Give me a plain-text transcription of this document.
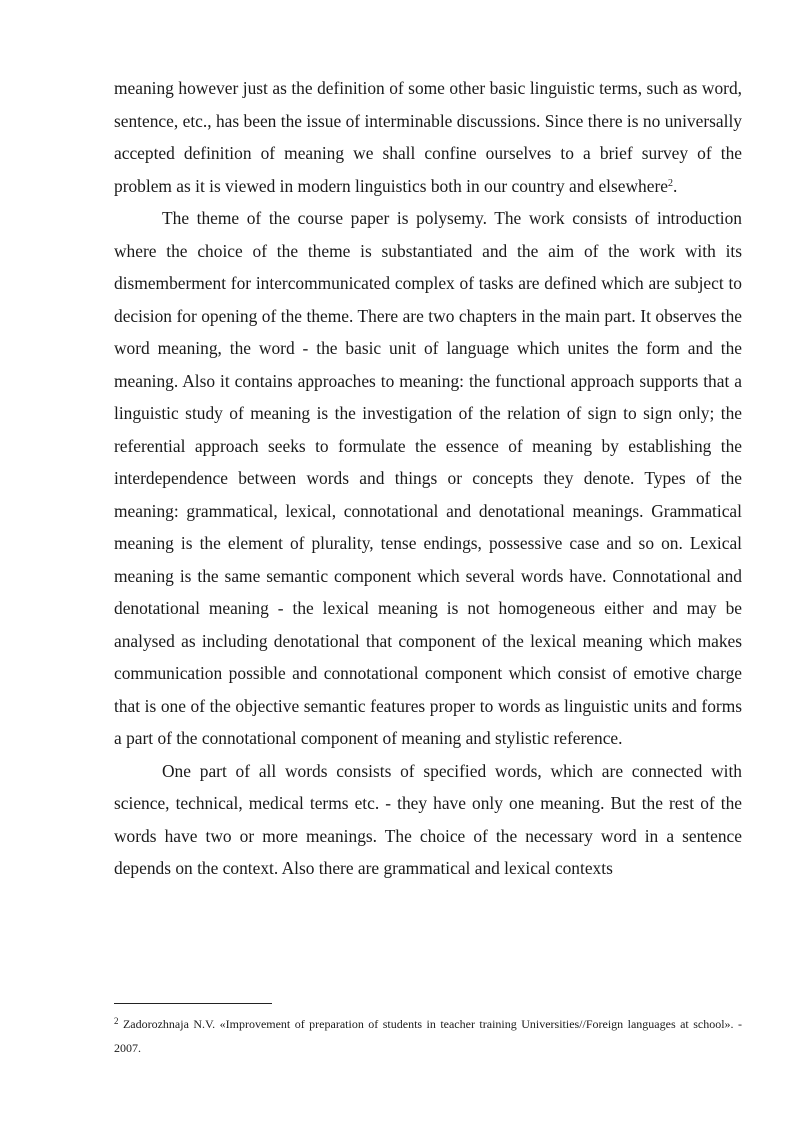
meaning however just as the definition of some other basic linguistic terms, such as word, sentence, etc., has been the issue of interminable discussions. Since there is no universally accepted definition of meaning we shall confine ourselves to a brief survey of the problem as it is viewed in modern linguistics both in our country and elsewhere$^2$.

The theme of the course paper is polysemy. The work consists of introduction where the choice of the theme is substantiated and the aim of the work with its dismemberment for intercommunicated complex of tasks are defined which are subject to decision for opening of the theme. There are two chapters in the main part. It observes the word meaning, the word - the basic unit of language which unites the form and the meaning. Also it contains approaches to meaning: the functional approach supports that a linguistic study of meaning is the investigation of the relation of sign to sign only; the referential approach seeks to formulate the essence of meaning by establishing the interdependence between words and things or concepts they denote. Types of the meaning: grammatical, lexical, connotational and denotational meanings. Grammatical meaning is the element of plurality, tense endings, possessive case and so on. Lexical meaning is the same semantic component which several words have. Connotational and denotational meaning - the lexical meaning is not homogeneous either and may be analysed as including denotational that component of the lexical meaning which makes communication possible and connotational component which consist of emotive charge that is one of the objective semantic features proper to words as linguistic units and forms a part of the connotational component of meaning and stylistic reference.

One part of all words consists of specified words, which are connected with science, technical, medical terms etc. - they have only one meaning. But the rest of the words have two or more meanings. The choice of the necessary word in a sentence depends on the context. Also there are grammatical and lexical contexts

$^2$ Zadorozhnaja N.V. «Improvement of preparation of students in teacher training Universities//Foreign languages at school». - 2007.
